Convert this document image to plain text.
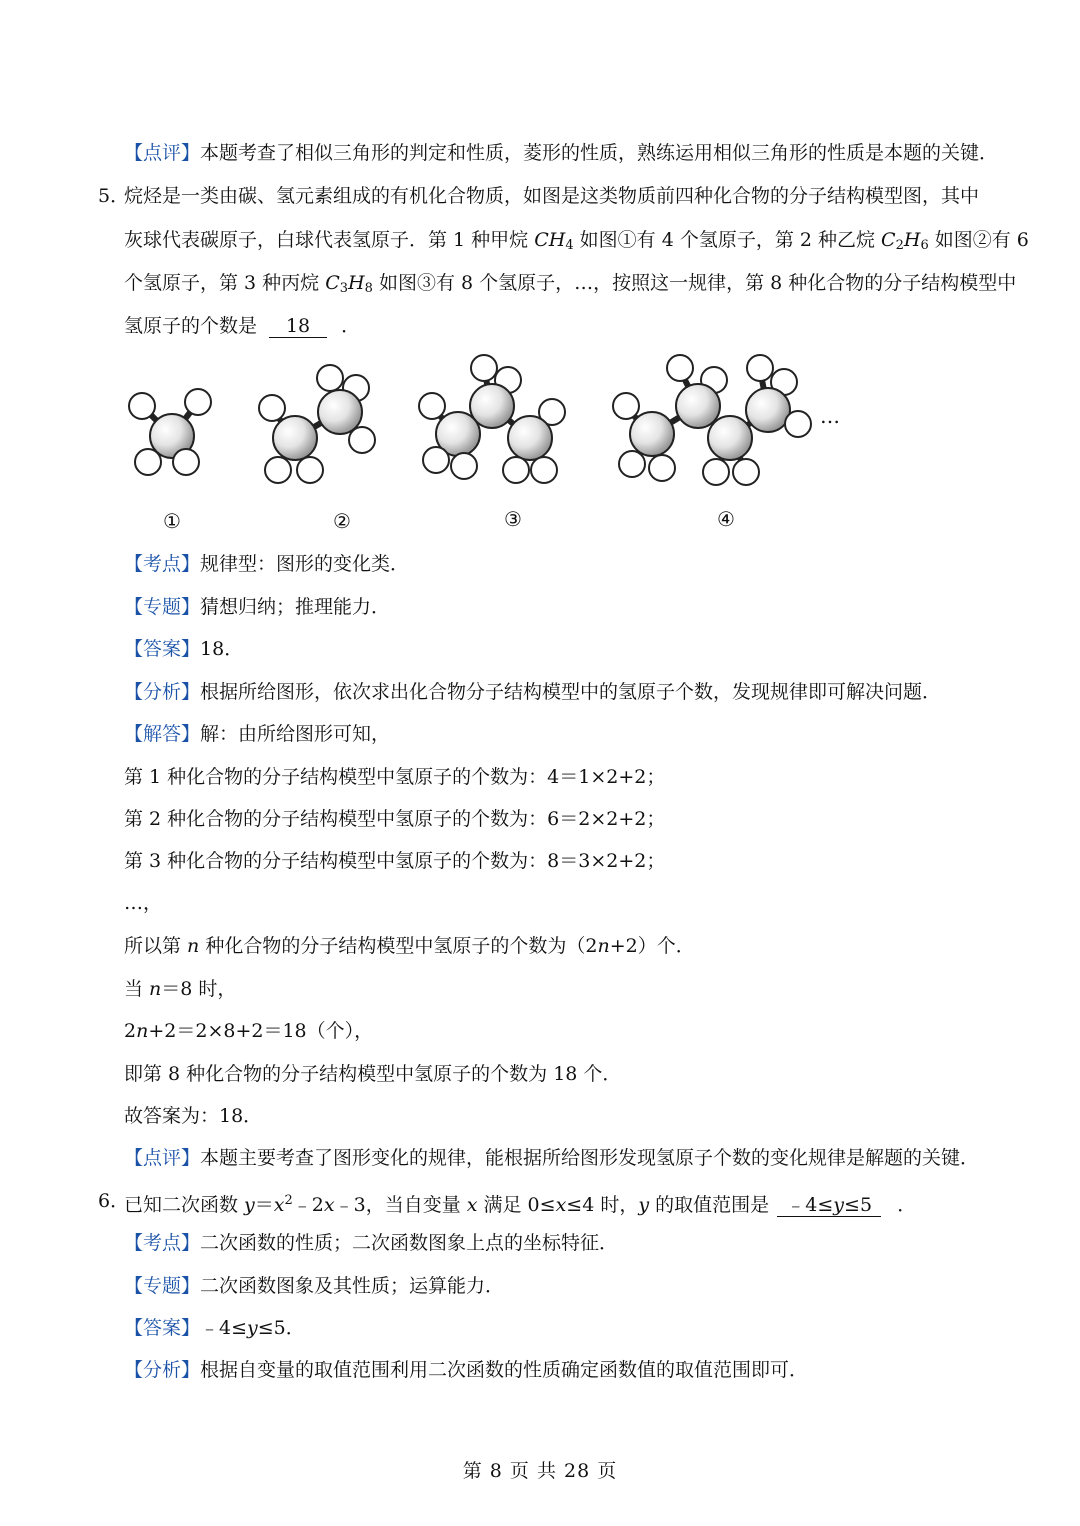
【点评】本题考查了相似三角形的判定和性质，菱形的性质，熟练运用相似三角形的性质是本题的关键．
5．
烷烃是一类由碳、氢元素组成的有机化合物质，如图是这类物质前四种化合物的分子结构模型图，其中
灰球代表碳原子，白球代表氢原子．第 1 种甲烷 $CH_4$ 如图①有 4 个氢原子，第 2 种乙烷 $C_2H_6$ 如图②有 6
个氢原子，第 3 种丙烷 $C_3H_8$ 如图③有 8 个氢原子，…，按照这一规律，第 8 种化合物的分子结构模型中
氢原子的个数是 18 ．
…
①	②	③	④
【考点】规律型：图形的变化类．
【专题】猜想归纳；推理能力．
【答案】18．
【分析】根据所给图形，依次求出化合物分子结构模型中的氢原子个数，发现规律即可解决问题．
【解答】解：由所给图形可知，
第 1 种化合物的分子结构模型中氢原子的个数为：4＝1×2+2；
第 2 种化合物的分子结构模型中氢原子的个数为：6＝2×2+2；
第 3 种化合物的分子结构模型中氢原子的个数为：8＝3×2+2；
…，
所以第 n 种化合物的分子结构模型中氢原子的个数为（2n+2）个．
当 n＝8 时，
2n+2＝2×8+2＝18（个），
即第 8 种化合物的分子结构模型中氢原子的个数为 18 个．
故答案为：18．
【点评】本题主要考查了图形变化的规律，能根据所给图形发现氢原子个数的变化规律是解题的关键．
6．
已知二次函数 $y=x^2﹣2x﹣3$，当自变量 x 满足 0≤x≤4 时，y 的取值范围是 ﹣4≤y≤5 ．
【考点】二次函数的性质；二次函数图象上点的坐标特征．
【专题】二次函数图象及其性质；运算能力．
【答案】﹣4≤y≤5．
【分析】根据自变量的取值范围利用二次函数的性质确定函数值的取值范围即可．
第 8 页 共 28 页
